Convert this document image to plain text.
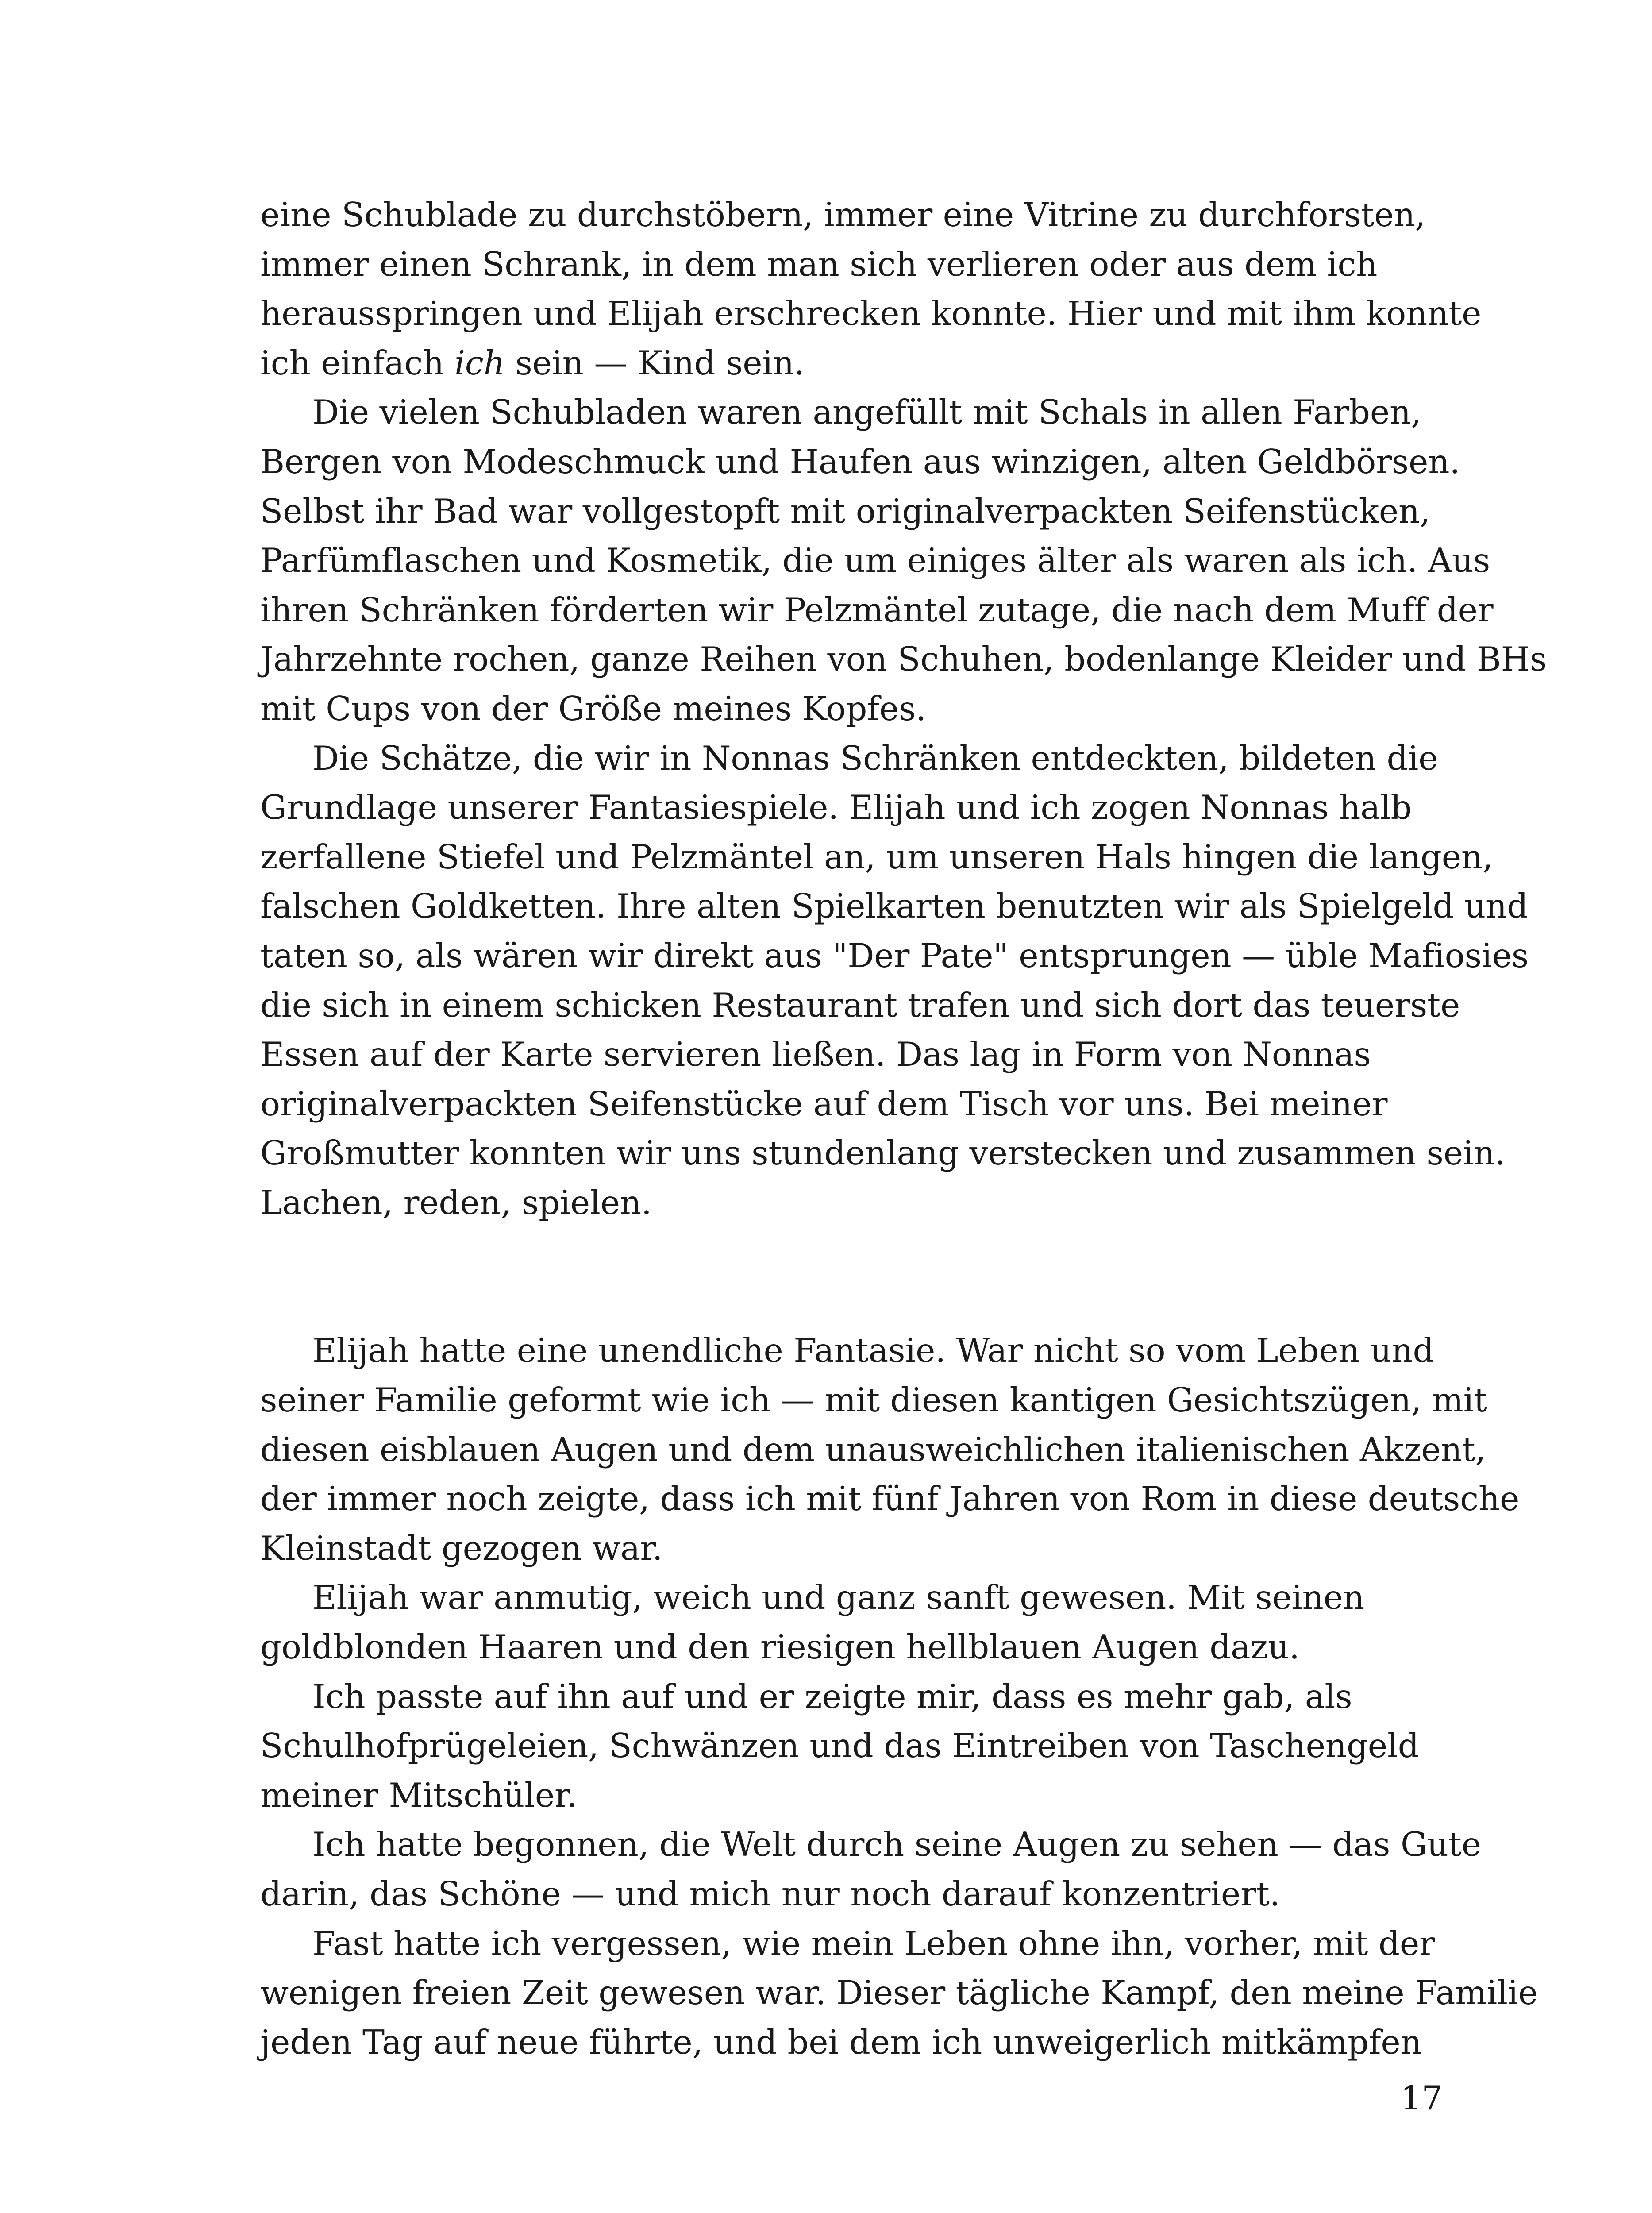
eine Schublade zu durchstöbern, immer eine Vitrine zu durchforsten,
immer einen Schrank, in dem man sich verlieren oder aus dem ich
herausspringen und Elijah erschrecken konnte. Hier und mit ihm konnte
ich einfach ich sein — Kind sein.

Die vielen Schubladen waren angefüllt mit Schals in allen Farben,
Bergen von Modeschmuck und Haufen aus winzigen, alten Geldbörsen.
Selbst ihr Bad war vollgestopft mit originalverpackten Seifenstücken,
Parfümflaschen und Kosmetik, die um einiges älter als waren als ich. Aus
ihren Schränken förderten wir Pelzmäntel zutage, die nach dem Muff der
Jahrzehnte rochen, ganze Reihen von Schuhen, bodenlange Kleider und BHs
mit Cups von der Größe meines Kopfes.

Die Schätze, die wir in Nonnas Schränken entdeckten, bildeten die
Grundlage unserer Fantasiespiele. Elijah und ich zogen Nonnas halb
zerfallene Stiefel und Pelzmäntel an, um unseren Hals hingen die langen,
falschen Goldketten. Ihre alten Spielkarten benutzten wir als Spielgeld und
taten so, als wären wir direkt aus "Der Pate" entsprungen — üble Mafiosies
die sich in einem schicken Restaurant trafen und sich dort das teuerste
Essen auf der Karte servieren ließen. Das lag in Form von Nonnas
originalverpackten Seifenstücke auf dem Tisch vor uns. Bei meiner
Großmutter konnten wir uns stundenlang verstecken und zusammen sein.
Lachen, reden, spielen.

Elijah hatte eine unendliche Fantasie. War nicht so vom Leben und
seiner Familie geformt wie ich — mit diesen kantigen Gesichtszügen, mit
diesen eisblauen Augen und dem unausweichlichen italienischen Akzent,
der immer noch zeigte, dass ich mit fünf Jahren von Rom in diese deutsche
Kleinstadt gezogen war.

Elijah war anmutig, weich und ganz sanft gewesen. Mit seinen
goldblonden Haaren und den riesigen hellblauen Augen dazu.

Ich passte auf ihn auf und er zeigte mir, dass es mehr gab, als
Schulhofprügeleien, Schwänzen und das Eintreiben von Taschengeld
meiner Mitschüler.

Ich hatte begonnen, die Welt durch seine Augen zu sehen — das Gute
darin, das Schöne — und mich nur noch darauf konzentriert.

Fast hatte ich vergessen, wie mein Leben ohne ihn, vorher, mit der
wenigen freien Zeit gewesen war. Dieser tägliche Kampf, den meine Familie
jeden Tag auf neue führte, und bei dem ich unweigerlich mitkämpfen

17
